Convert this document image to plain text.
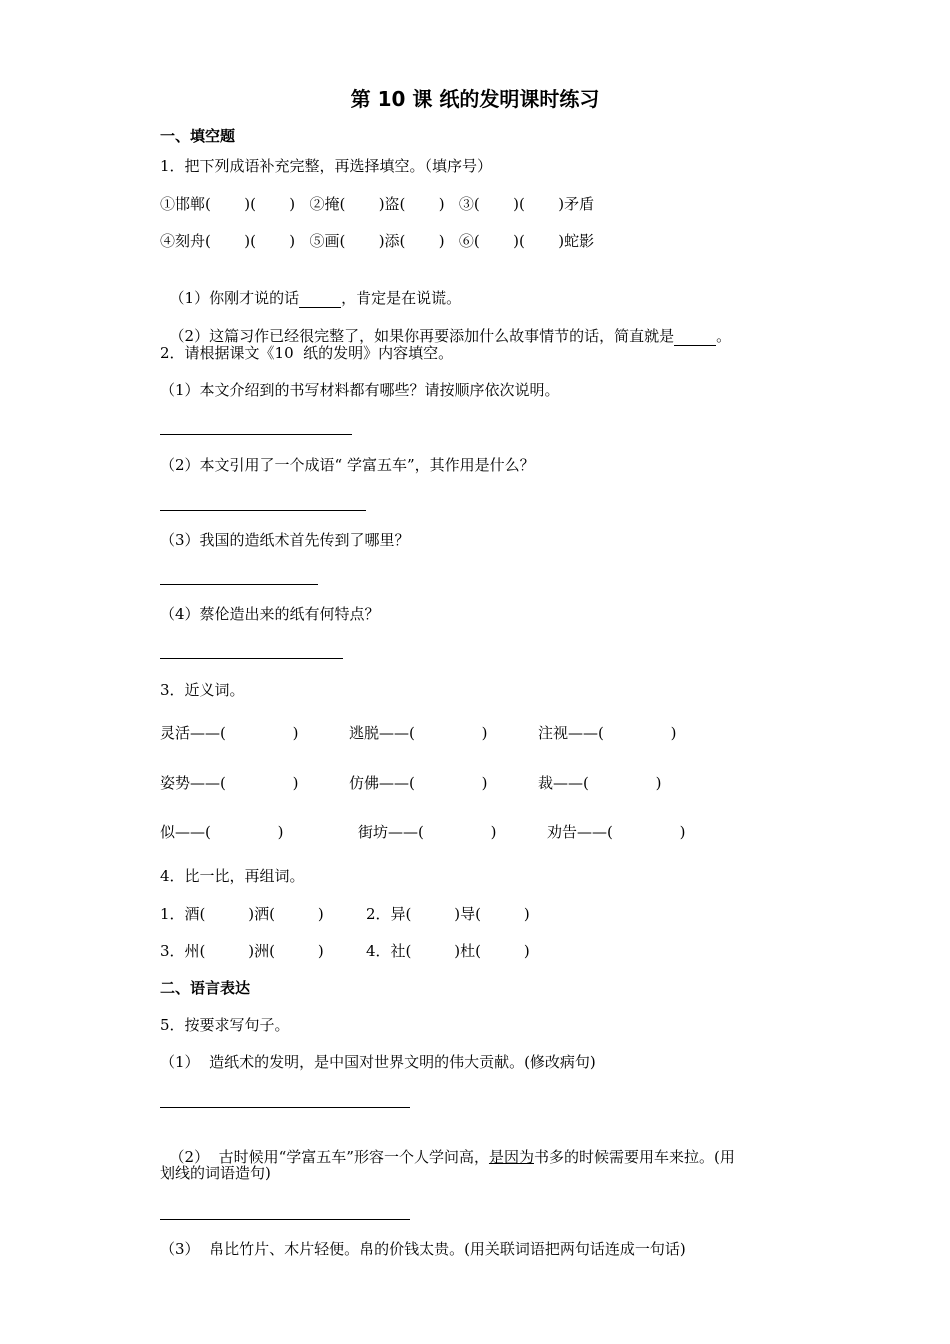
第 10 课 纸的发明课时练习
一、填空题
1．把下列成语补充完整，再选择填空。（填序号）
①邯郸(       )(       )   ②掩(       )盗(       )   ③(       )(       )矛盾
④刻舟(       )(       )   ⑤画(       )添(       )   ⑥(       )(       )蛇影

（1）你刚才说的话	，肯定是在说谎。

（2）这篇习作已经很完整了，如果你再要添加什么故事情节的话，简直就是	。

2．请根据课文《10  纸的发明》内容填空。
（1）本文介绍到的书写材料都有哪些？请按顺序依次说明。
（2）本文引用了一个成语“ 学富五车”，其作用是什么？
（3）我国的造纸术首先传到了哪里？
（4）蔡伦造出来的纸有何特点？
3．近义词。
灵活——(              )	逃脱——(              )	注视——(              )
姿势——(              )	仿佛——(              )	裁——(              )
似——(              )	街坊——(              )	劝告——(              )
4．比一比，再组词。
1．酒(         )洒(         )	2．异(         )导(         )
3．州(         )洲(         )	4．社(         )杜(         )
二、语言表达
5．按要求写句子。
（1）  造纸术的发明，是中国对世界文明的伟大贡献。(修改病句)

（2）  古时候用“学富五车”形容一个人学问高，是因为书多的时候需要用车来拉。(用

划线的词语造句)
（3）  帛比竹片、木片轻便。帛的价钱太贵。(用关联词语把两句话连成一句话)
